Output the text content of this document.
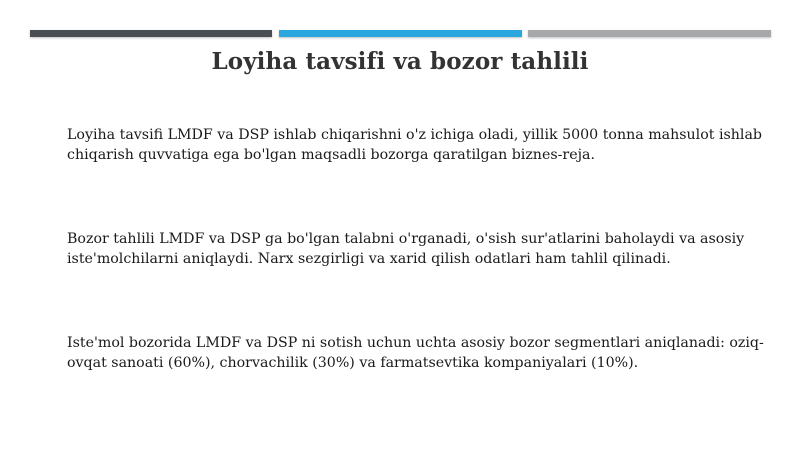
Loyiha tavsifi va bozor tahlili

Loyiha tavsifi LMDF va DSP ishlab chiqarishni o'z ichiga oladi, yillik 5000 tonna mahsulot ishlab chiqarish quvvatiga ega bo'lgan maqsadli bozorga qaratilgan biznes-reja.

Bozor tahlili LMDF va DSP ga bo'lgan talabni o'rganadi, o'sish sur'atlarini baholaydi va asosiy iste'molchilarni aniqlaydi. Narx sezgirligi va xarid qilish odatlari ham tahlil qilinadi.

Iste'mol bozorida LMDF va DSP ni sotish uchun uchta asosiy bozor segmentlari aniqlanadi: oziq-ovqat sanoati (60%), chorvachilik (30%) va farmatsevtika kompaniyalari (10%).
